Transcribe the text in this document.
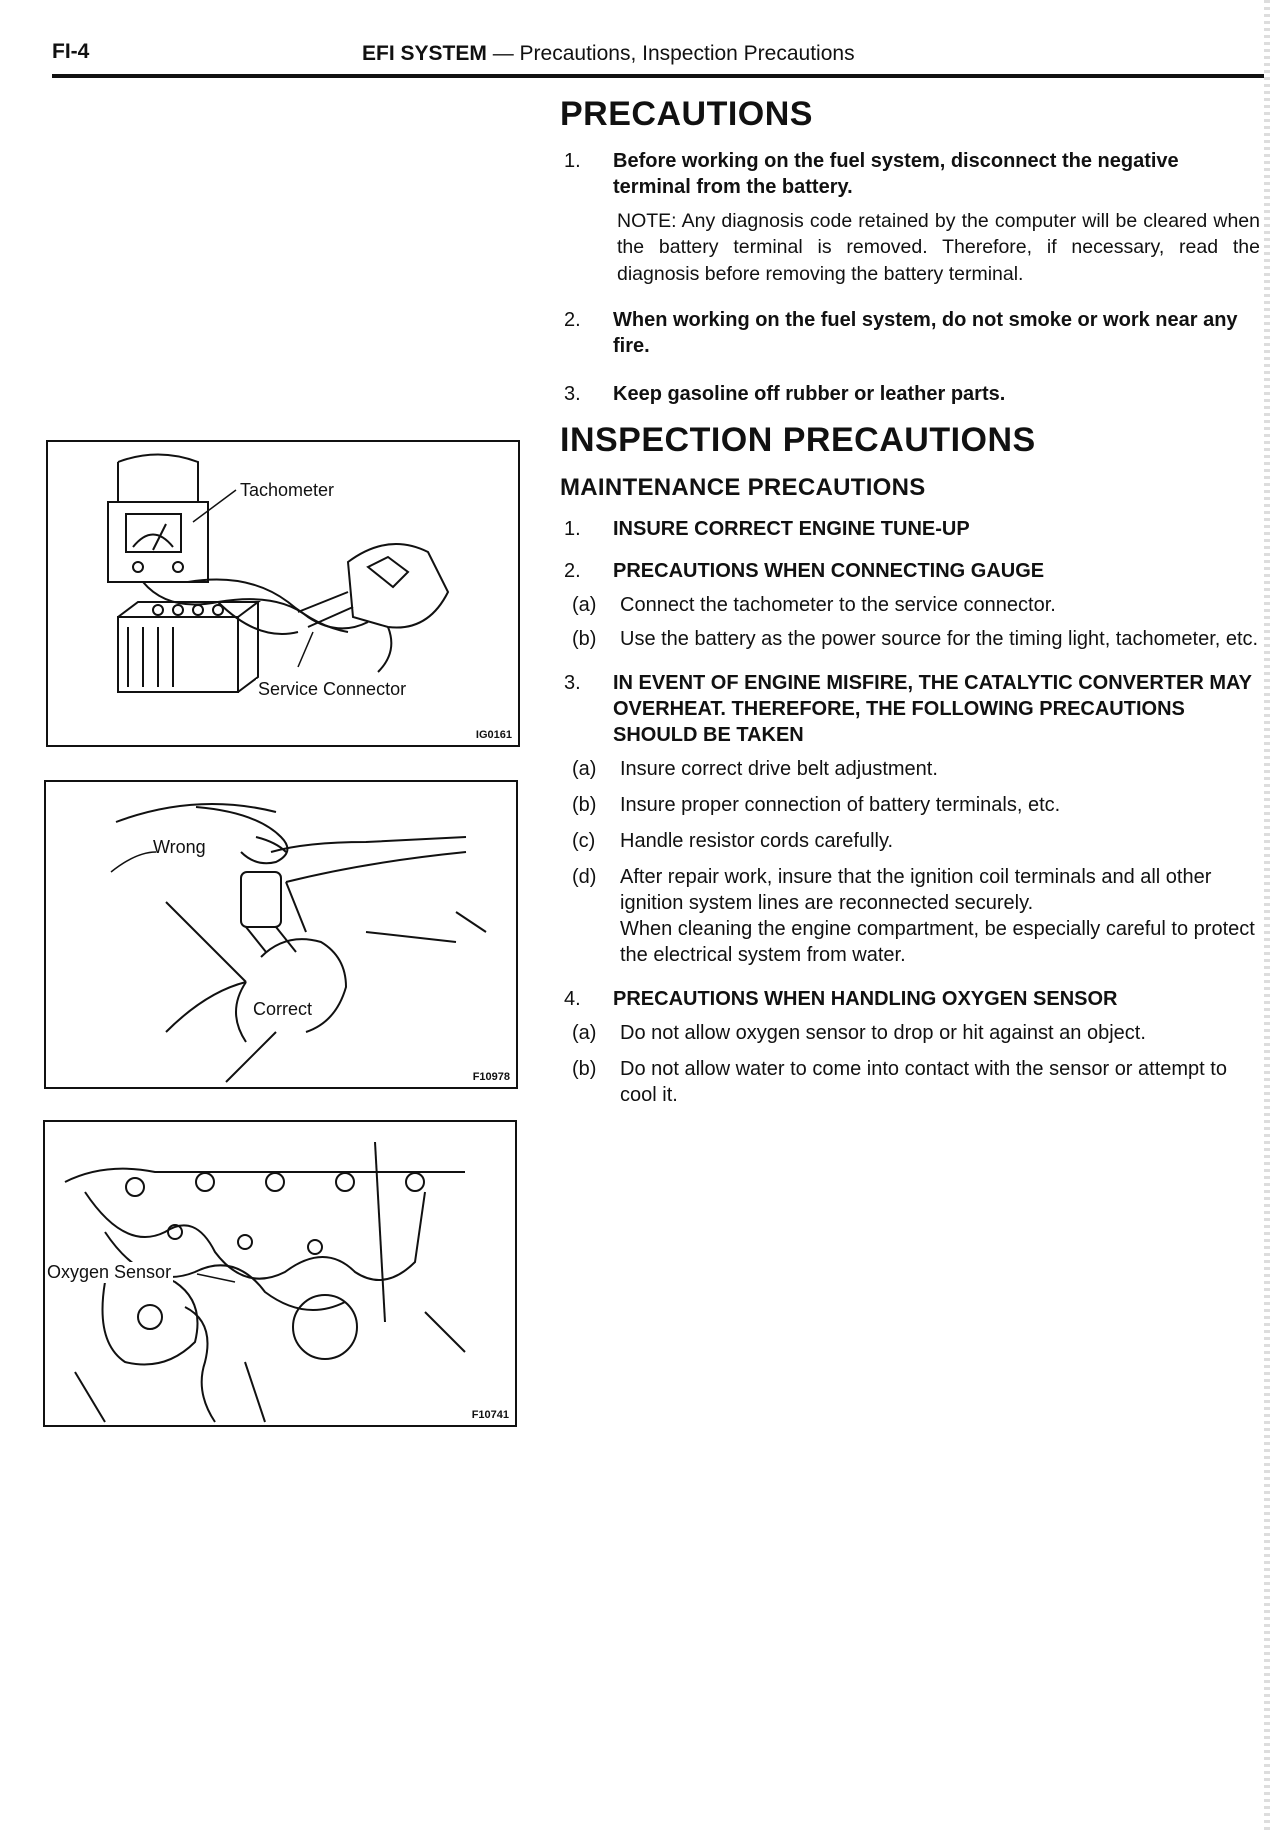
FI-4	EFI SYSTEM — Precautions, Inspection Precautions
Tachometer
Service Connector
IG0161
Wrong
Correct
F10978
Oxygen Sensor
F10741
PRECAUTIONS
1. Before working on the fuel system, disconnect the negative terminal from the battery.
NOTE: Any diagnosis code retained by the computer will be cleared when the battery terminal is removed. Therefore, if necessary, read the diagnosis before removing the battery terminal.
2. When working on the fuel system, do not smoke or work near any fire.
3. Keep gasoline off rubber or leather parts.
INSPECTION PRECAUTIONS
MAINTENANCE PRECAUTIONS
1. INSURE CORRECT ENGINE TUNE-UP
2. PRECAUTIONS WHEN CONNECTING GAUGE
(a) Connect the tachometer to the service connector.
(b) Use the battery as the power source for the timing light, tachometer, etc.
3. IN EVENT OF ENGINE MISFIRE, THE CATALYTIC CONVERTER MAY OVERHEAT. THEREFORE, THE FOLLOWING PRECAUTIONS SHOULD BE TAKEN
(a) Insure correct drive belt adjustment.
(b) Insure proper connection of battery terminals, etc.
(c) Handle resistor cords carefully.
(d) After repair work, insure that the ignition coil terminals and all other ignition system lines are reconnected securely.
When cleaning the engine compartment, be especially careful to protect the electrical system from water.
4. PRECAUTIONS WHEN HANDLING OXYGEN SENSOR
(a) Do not allow oxygen sensor to drop or hit against an object.
(b) Do not allow water to come into contact with the sensor or attempt to cool it.
